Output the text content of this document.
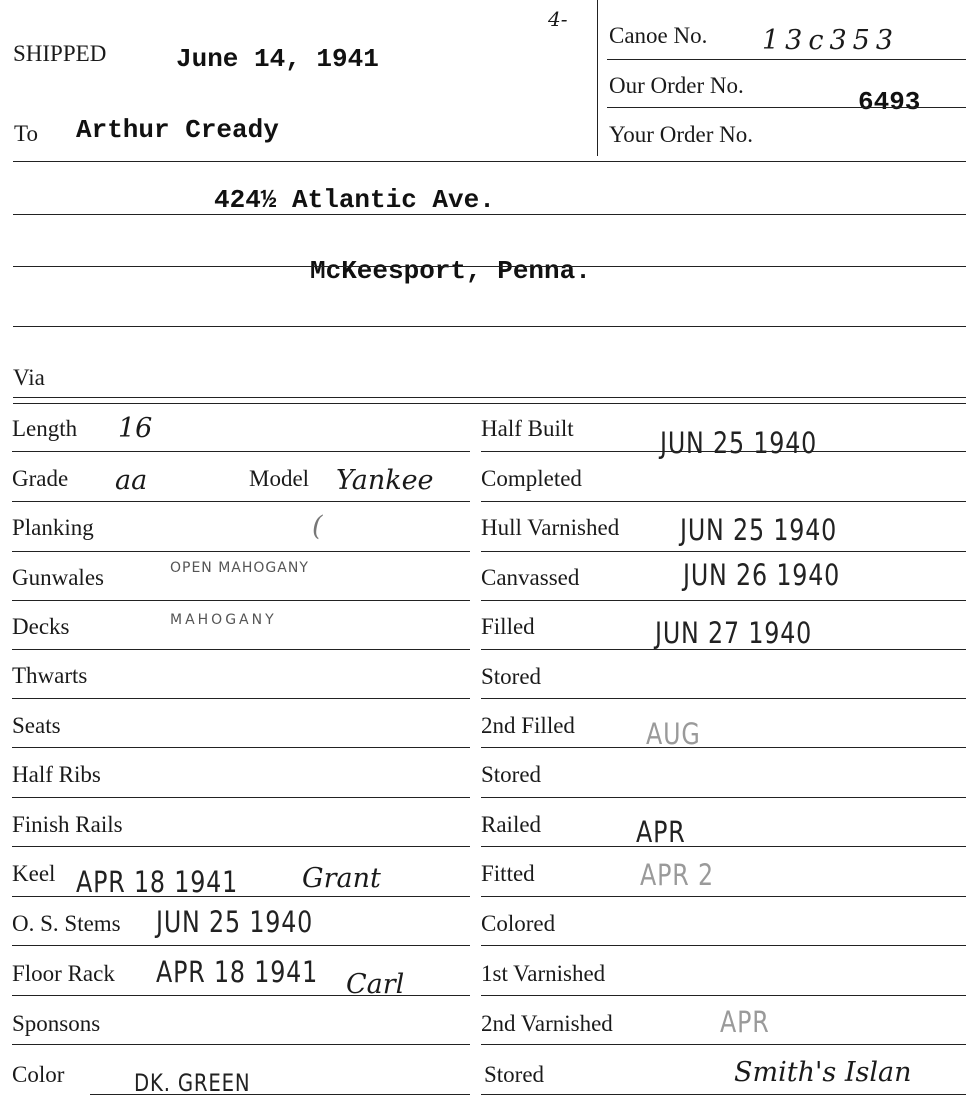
SHIPPED	June 14, 1941
To Arthur Cready
4-
Canoe No. 13c353
Our Order No.
6493
Your Order No.
424½ Atlantic Ave.
McKeesport, Penna.
Via
Length 16
Grade aa	Model Yankee
Planking	(
Gunwales	OPEN MAHOGANY
Decks	MAHOGANY
Thwarts
Seats
Half Ribs
Finish Rails
Keel APR 18 1941 Grant
O. S. Stems JUN 25 1940
Floor Rack APR 18 1941 Carl
Sponsons
Color	DK. GREEN
Half Built	JUN 25 1940
Completed
Hull Varnished JUN 25 1940
Canvassed	JUN 26 1940
Filled	JUN 27 1940
Stored
2nd Filled AUG
Stored
Railed	APR
Fitted	APR 2
Colored
1st Varnished
2nd Varnished	APR
Stored	Smith's Islan
